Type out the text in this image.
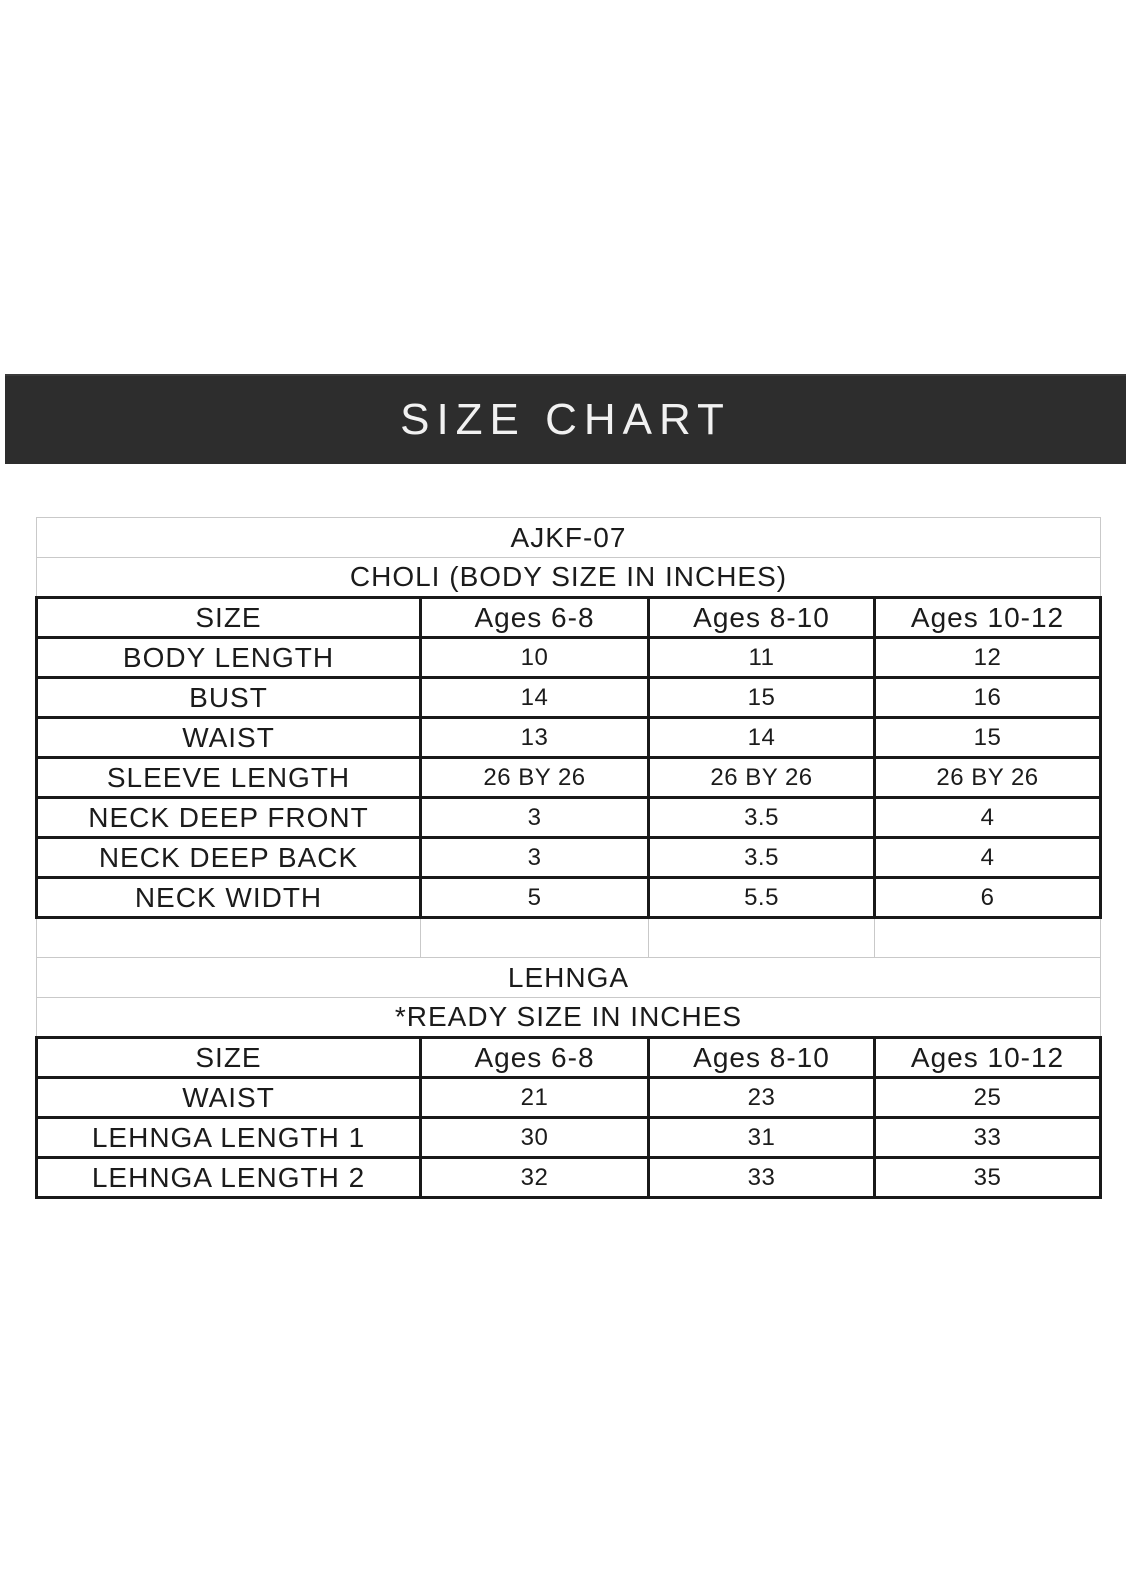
SIZE CHART
AJKF-07			
CHOLI (BODY SIZE IN INCHES)			
SIZE	Ages 6-8	Ages 8-10	Ages 10-12
BODY LENGTH	10	11	12
BUST	14	15	16
WAIST	13	14	15
SLEEVE LENGTH	26 BY 26	26 BY 26	26 BY 26
NECK DEEP FRONT	3	3.5	4
NECK DEEP BACK	3	3.5	4
NECK WIDTH	5	5.5	6

LEHNGA			
*READY SIZE IN INCHES			
SIZE	Ages 6-8	Ages 8-10	Ages 10-12
WAIST	21	23	25
LEHNGA LENGTH 1	30	31	33
LEHNGA LENGTH 2	32	33	35
